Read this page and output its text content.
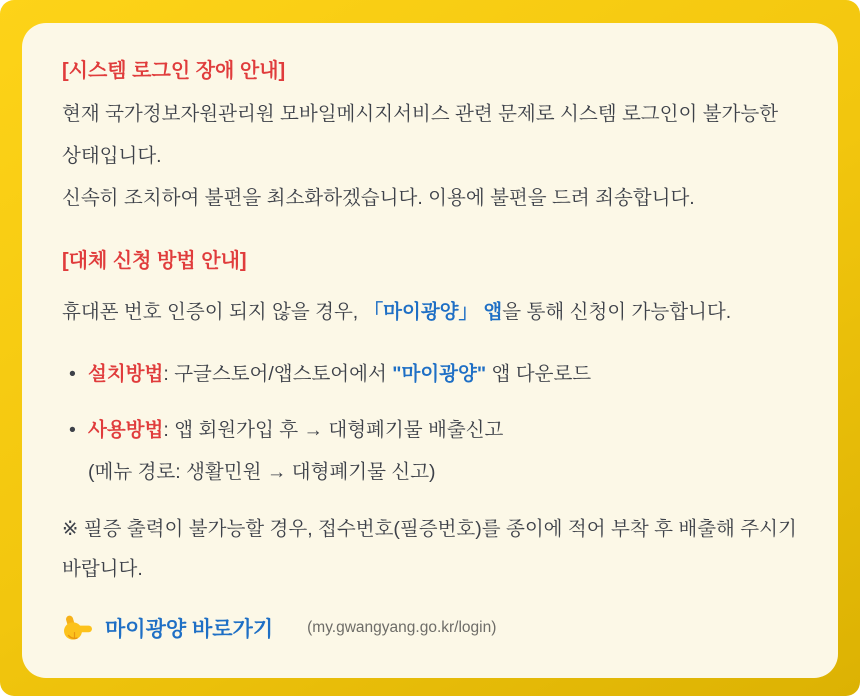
[시스템 로그인 장애 안내]

현재 국가정보자원관리원 모바일메시지서비스 관련 문제로 시스템 로그인이 불가능한 상태입니다.
신속히 조치하여 불편을 최소화하겠습니다. 이용에 불편을 드려 죄송합니다.

[대체 신청 방법 안내]

휴대폰 번호 인증이 되지 않을 경우, 「마이광양」 앱을 통해 신청이 가능합니다.

• 설치방법: 구글스토어/앱스토어에서 "마이광양" 앱 다운로드
• 사용방법: 앱 회원가입 후 → 대형폐기물 배출신고
(메뉴 경로: 생활민원 → 대형폐기물 신고)
※ 필증 출력이 불가능할 경우, 접수번호(필증번호)를 종이에 적어 부착 후 배출해 주시기 바랍니다.
마이광양 바로가기 (my.gwangyang.go.kr/login)
